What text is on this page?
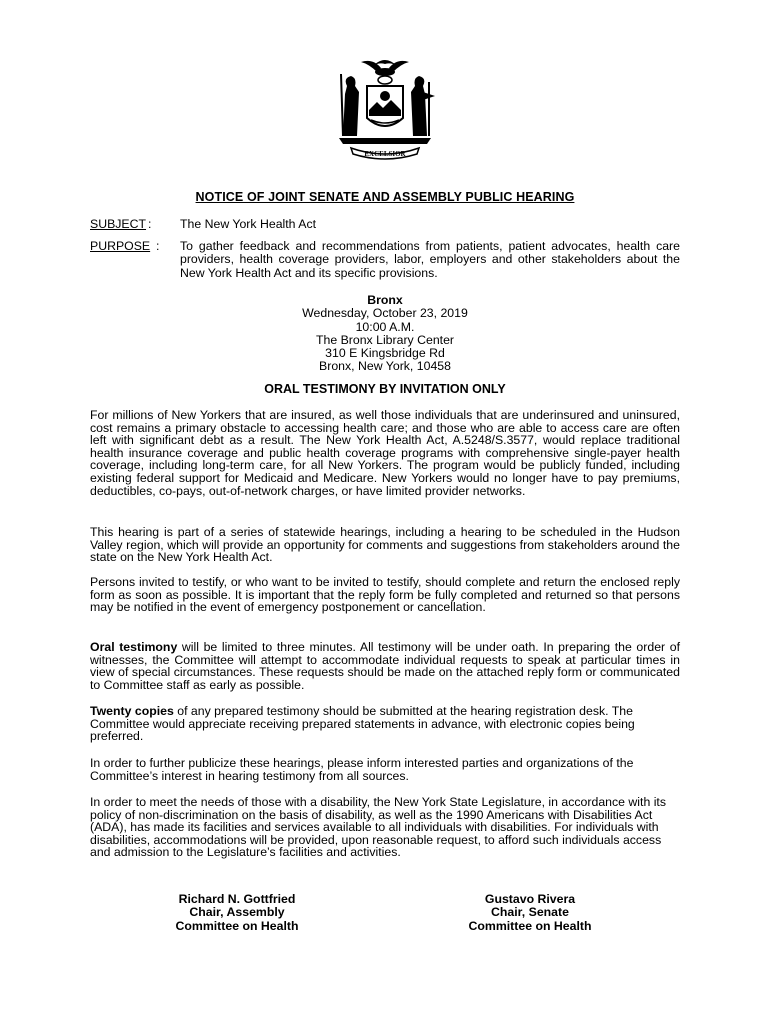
EXCELSIOR
NOTICE OF JOINT SENATE AND ASSEMBLY PUBLIC HEARING
SUBJECT : The New York Health Act
PURPOSE : To gather feedback and recommendations from patients, patient advocates, health care providers, health coverage providers, labor, employers and other stakeholders about the New York Health Act and its specific provisions.
Bronx
Wednesday, October 23, 2019
10:00 A.M.
The Bronx Library Center
310 E Kingsbridge Rd
Bronx, New York, 10458
ORAL TESTIMONY BY INVITATION ONLY
For millions of New Yorkers that are insured, as well those individuals that are underinsured and uninsured, cost remains a primary obstacle to accessing health care; and those who are able to access care are often left with significant debt as a result. The New York Health Act, A.5248/S.3577, would replace traditional health insurance coverage and public health coverage programs with comprehensive single-payer health coverage, including long-term care, for all New Yorkers. The program would be publicly funded, including existing federal support for Medicaid and Medicare. New Yorkers would no longer have to pay premiums, deductibles, co-pays, out-of-network charges, or have limited provider networks.
This hearing is part of a series of statewide hearings, including a hearing to be scheduled in the Hudson Valley region, which will provide an opportunity for comments and suggestions from stakeholders around the state on the New York Health Act.
Persons invited to testify, or who want to be invited to testify, should complete and return the enclosed reply form as soon as possible. It is important that the reply form be fully completed and returned so that persons may be notified in the event of emergency postponement or cancellation.
Oral testimony will be limited to three minutes. All testimony will be under oath. In preparing the order of witnesses, the Committee will attempt to accommodate individual requests to speak at particular times in view of special circumstances. These requests should be made on the attached reply form or communicated to Committee staff as early as possible.
Twenty copies of any prepared testimony should be submitted at the hearing registration desk. The Committee would appreciate receiving prepared statements in advance, with electronic copies being preferred.
In order to further publicize these hearings, please inform interested parties and organizations of the Committee’s interest in hearing testimony from all sources.
In order to meet the needs of those with a disability, the New York State Legislature, in accordance with its policy of non-discrimination on the basis of disability, as well as the 1990 Americans with Disabilities Act (ADA), has made its facilities and services available to all individuals with disabilities. For individuals with disabilities, accommodations will be provided, upon reasonable request, to afford such individuals access and admission to the Legislature’s facilities and activities.
Richard N. Gottfried
Chair, Assembly
Committee on Health
Gustavo Rivera
Chair, Senate
Committee on Health
